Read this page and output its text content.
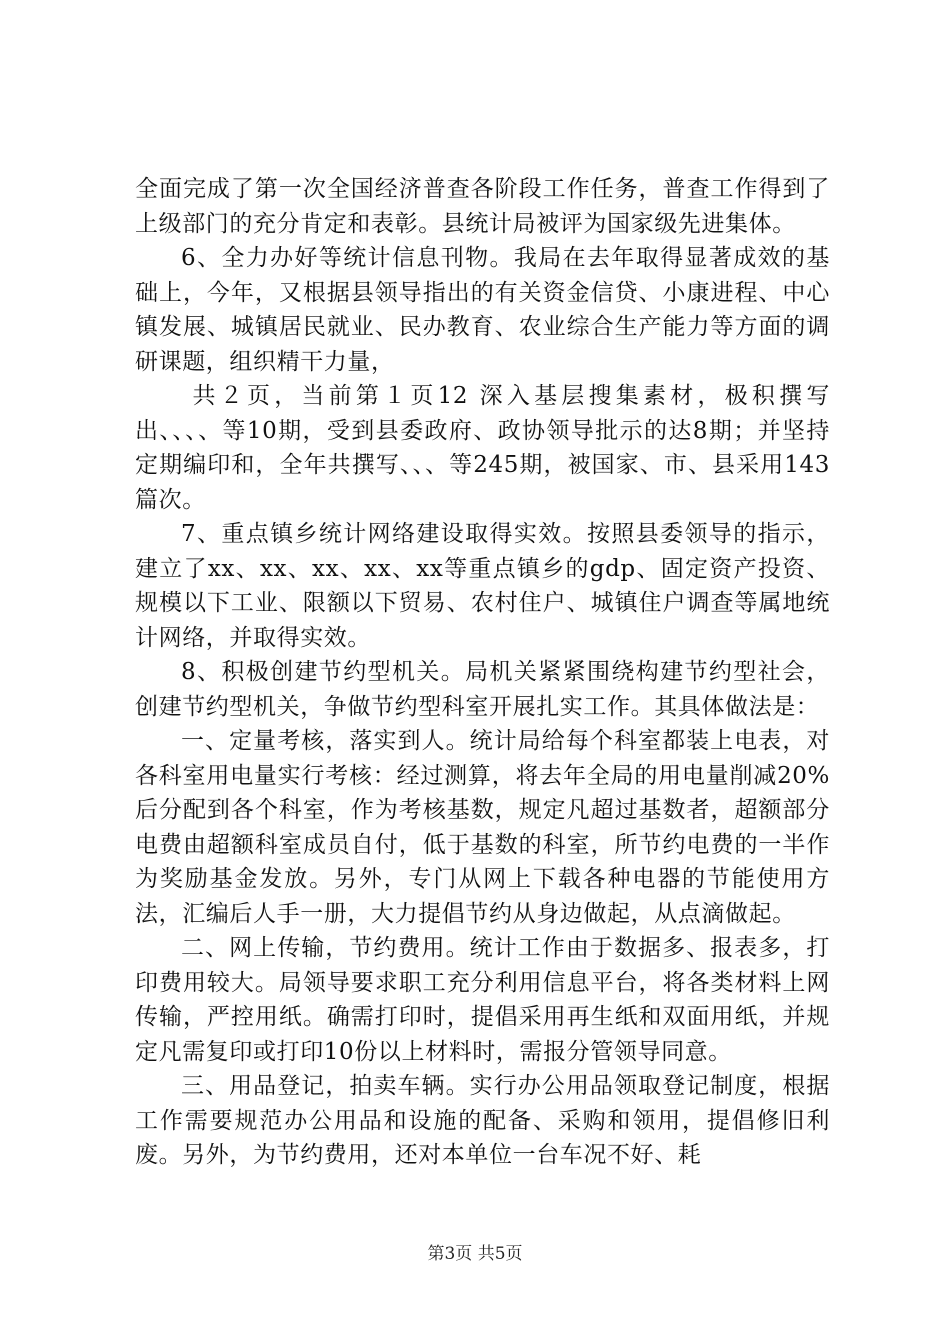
全面完成了第一次全国经济普查各阶段工作任务，普查工作得到了上级部门的充分肯定和表彰。县统计局被评为国家级先进集体。

6、全力办好等统计信息刊物。我局在去年取得显著成效的基础上，今年，又根据县领导指出的有关资金信贷、小康进程、中心镇发展、城镇居民就业、民办教育、农业综合生产能力等方面的调研课题，组织精干力量，

共２页，当前第１页12 深入基层搜集素材，极积撰写出、、、、等10期，受到县委政府、政协领导批示的达8期；并坚持定期编印和，全年共撰写、、、等245期，被国家、市、县采用143篇次。

7、重点镇乡统计网络建设取得实效。按照县委领导的指示，建立了xx、xx、xx、xx、xx等重点镇乡的gdp、固定资产投资、规模以下工业、限额以下贸易、农村住户、城镇住户调查等属地统计网络，并取得实效。

8、积极创建节约型机关。局机关紧紧围绕构建节约型社会，创建节约型机关，争做节约型科室开展扎实工作。其具体做法是：

一、定量考核，落实到人。统计局给每个科室都装上电表，对各科室用电量实行考核：经过测算，将去年全局的用电量削减20%后分配到各个科室，作为考核基数，规定凡超过基数者，超额部分电费由超额科室成员自付，低于基数的科室，所节约电费的一半作为奖励基金发放。另外，专门从网上下载各种电器的节能使用方法，汇编后人手一册，大力提倡节约从身边做起，从点滴做起。

二、网上传输，节约费用。统计工作由于数据多、报表多，打印费用较大。局领导要求职工充分利用信息平台，将各类材料上网传输，严控用纸。确需打印时，提倡采用再生纸和双面用纸，并规定凡需复印或打印10份以上材料时，需报分管领导同意。

三、用品登记，拍卖车辆。实行办公用品领取登记制度，根据工作需要规范办公用品和设施的配备、采购和领用，提倡修旧利废。另外，为节约费用，还对本单位一台车况不好、耗

第3页 共5页
